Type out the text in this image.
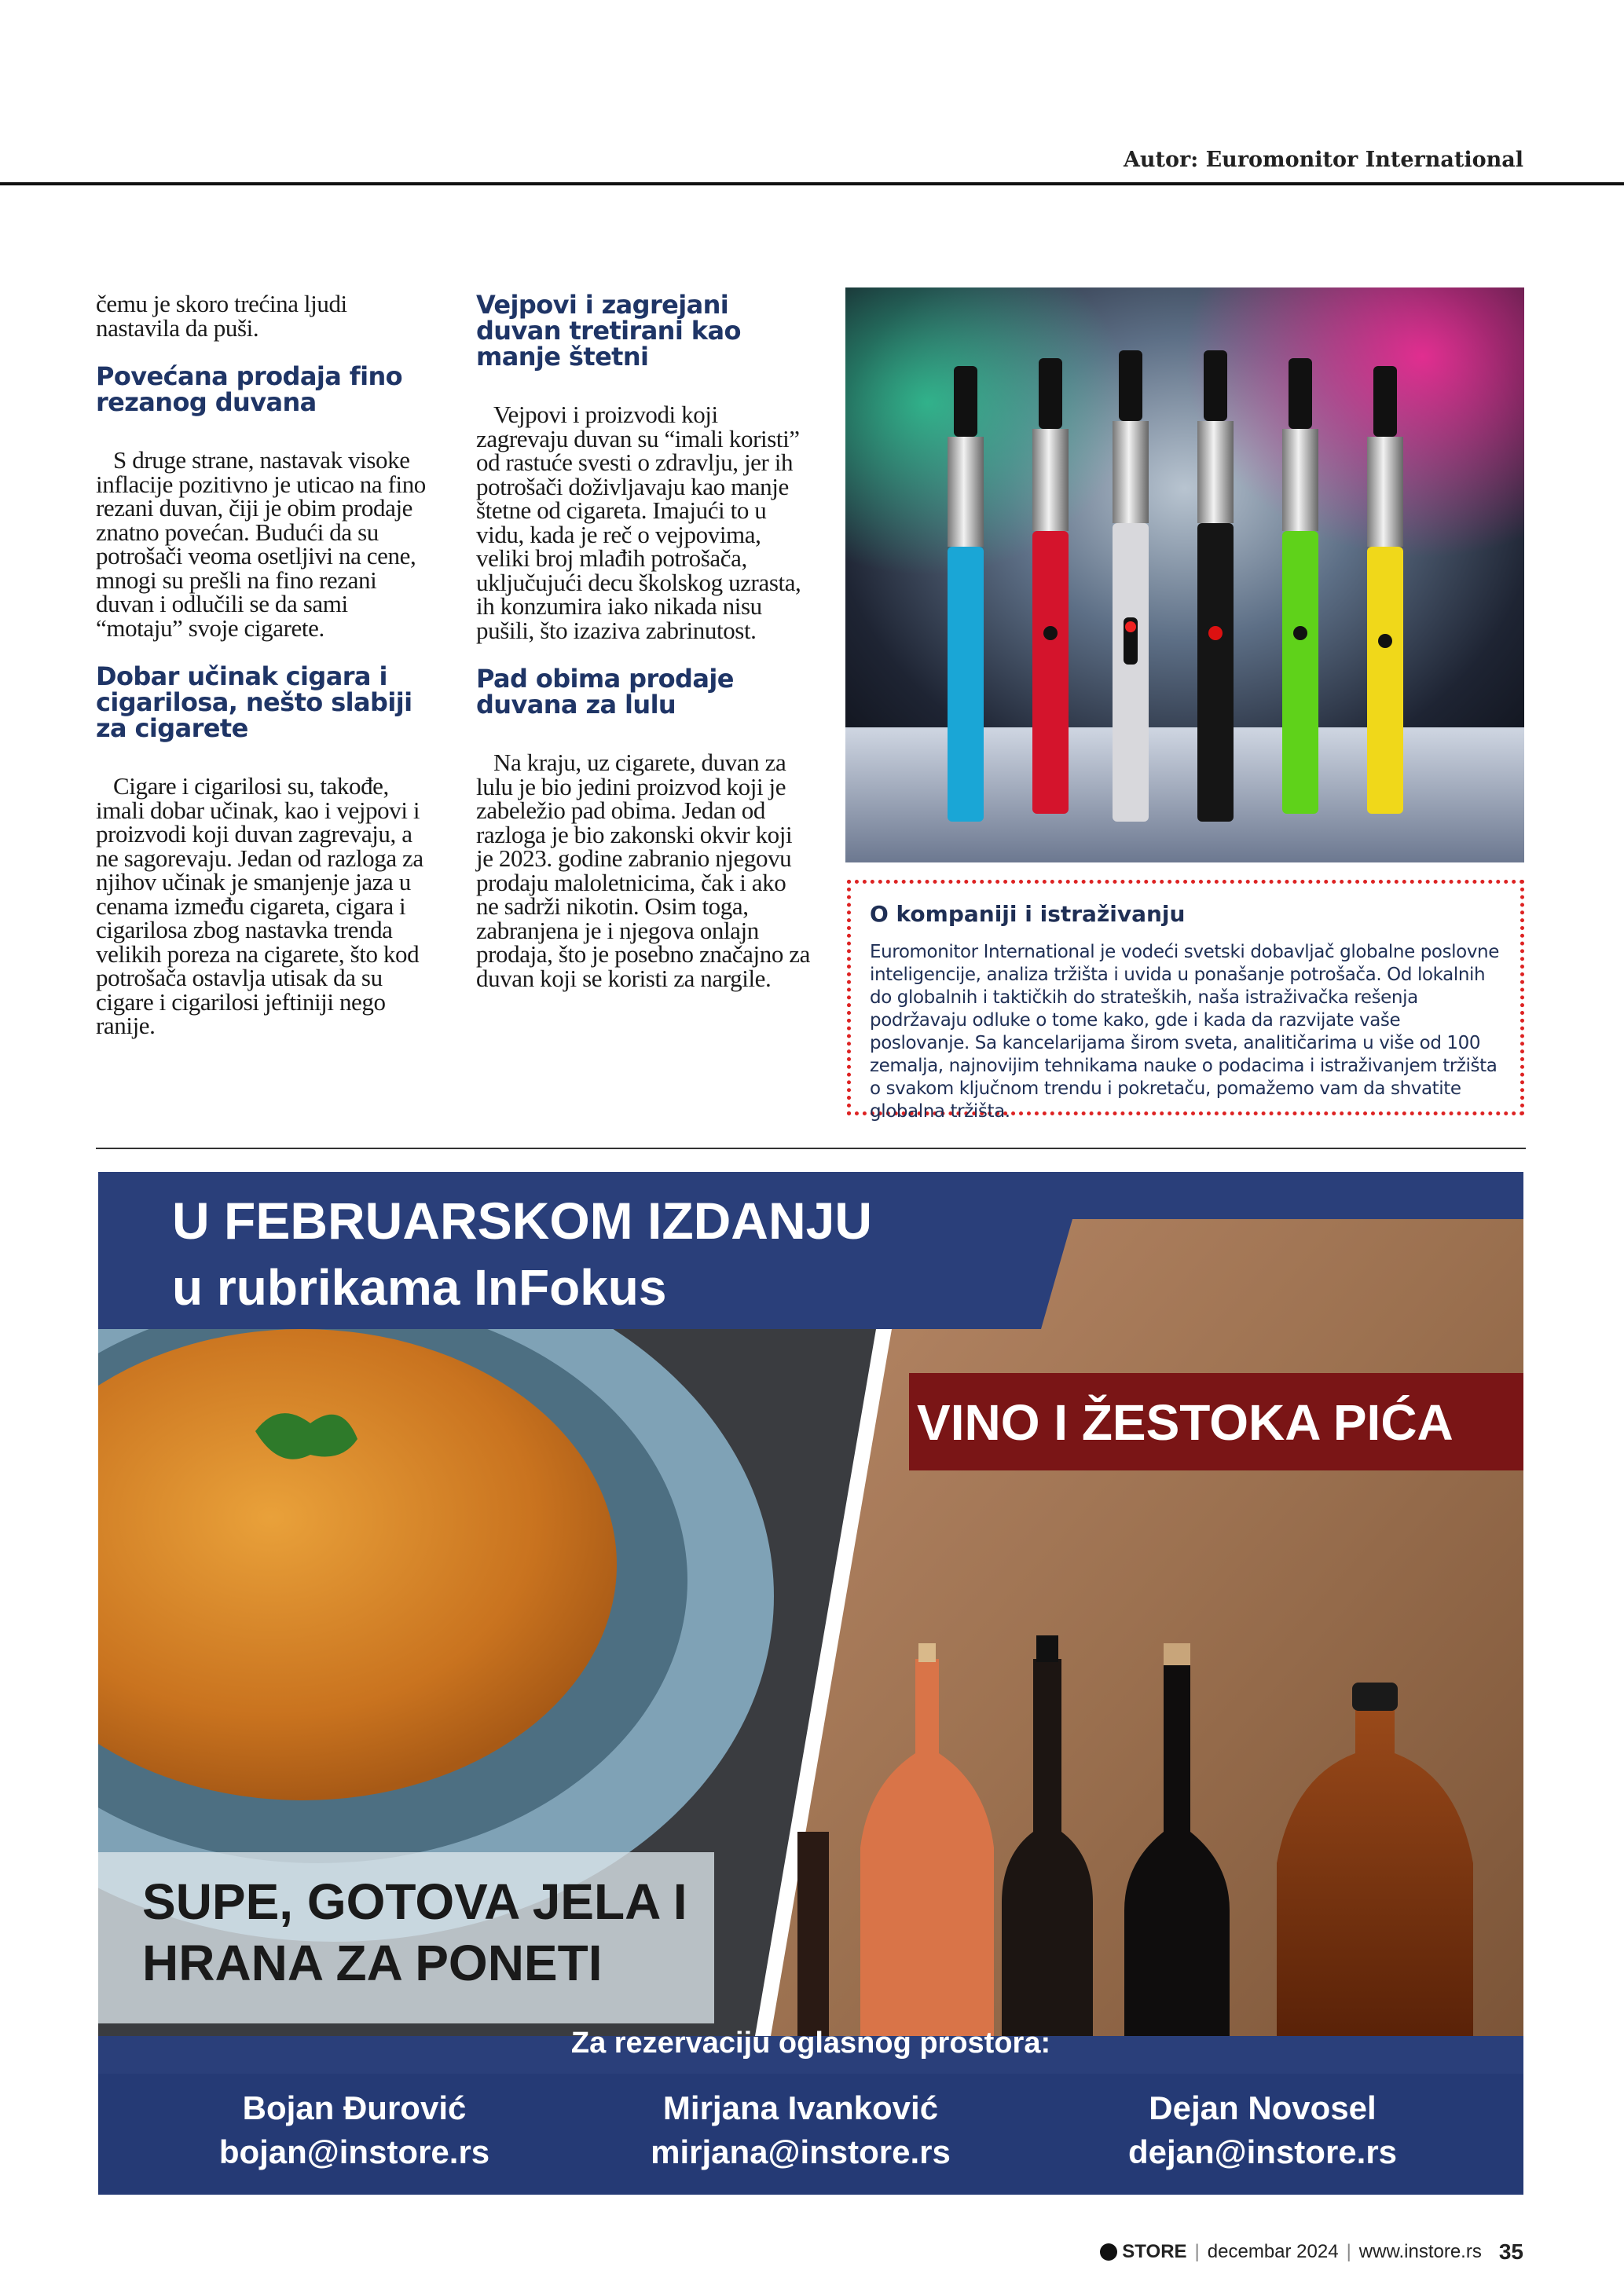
Autor: Euromonitor International

čemu je skoro trećina ljudi nastavila da puši.

Povećana prodaja fino rezanog duvana

S druge strane, nastavak visoke inflacije pozitivno je uticao na fino rezani duvan, čiji je obim prodaje znatno povećan. Budući da su potrošači veoma osetljivi na cene, mnogi su prešli na fino rezani duvan i odlučili se da sami “motaju” svoje cigarete.

Dobar učinak cigara i cigarilosa, nešto slabiji za cigarete

Cigare i cigarilosi su, takođe, imali dobar učinak, kao i vejpovi i proizvodi koji duvan zagrevaju, a ne sagorevaju. Jedan od razloga za njihov učinak je smanjenje jaza u cenama između cigareta, cigara i cigarilosa zbog nastavka trenda velikih poreza na cigarete, što kod potrošača ostavlja utisak da su cigare i cigarilosi jeftiniji nego ranije.

Vejpovi i zagrejani duvan tretirani kao manje štetni

Vejpovi i proizvodi koji zagrevaju duvan su “imali koristi” od rastuće svesti o zdravlju, jer ih potrošači doživljavaju kao manje štetne od cigareta. Imajući to u vidu, kada je reč o vejpovima, veliki broj mlađih potrošača, uključujući decu školskog uzrasta, ih konzumira iako nikada nisu pušili, što izaziva zabrinutost.

Pad obima prodaje duvana za lulu

Na kraju, uz cigarete, duvan za lulu je bio jedini proizvod koji je zabeležio pad obima. Jedan od razloga je bio zakonski okvir koji je 2023. godine zabranio njegovu prodaju maloletnicima, čak i ako ne sadrži nikotin. Osim toga, zabranjena je i njegova onlajn prodaja, što je posebno značajno za duvan koji se koristi za nargile.

O kompaniji i istraživanju

Euromonitor International je vodeći svetski dobavljač globalne poslovne inteligencije, analiza tržišta i uvida u ponašanje potrošača. Od lokalnih do globalnih i taktičkih do strateških, naša istraživačka rešenja podržavaju odluke o tome kako, gde i kada da razvijate vaše poslovanje. Sa kancelarijama širom sveta, analitičarima u više od 100 zemalja, najnovijim tehnikama nauke o podacima i istraživanjem tržišta o svakom ključnom trendu i pokretaču, pomažemo vam da shvatite globalna tržišta.

U FEBRUARSKOM IZDANJU
u rubrikama InFokus
VINO I ŽESTOKA PIĆA
SUPE, GOTOVA JELA I
HRANA ZA PONETI
Za rezervaciju oglasnog prostora:
Bojan Đurović
bojan@instore.rs
Mirjana Ivanković
mirjana@instore.rs
Dejan Novosel
dejan@instore.rs
STORE | decembar 2024 | www.instore.rs 35
